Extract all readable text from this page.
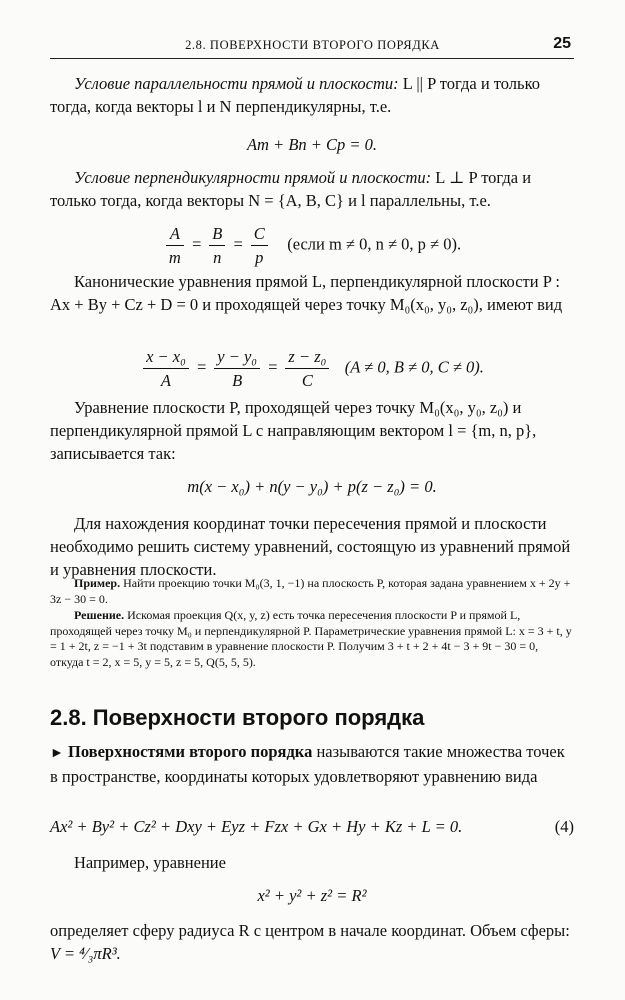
2.8. ПОВЕРХНОСТИ ВТОРОГО ПОРЯДКА	25
Условие параллельности прямой и плоскости: L || P тогда и только тогда, когда векторы l и N перпендикулярны, т.е.
Am + Bn + Cp = 0.
Условие перпендикулярности прямой и плоскости: L ⊥ P тогда и только тогда, когда векторы N = {A, B, C} и l параллельны, т.е.
$\frac{A}{m} = \frac{B}{n} = \frac{C}{p}$ (если m ≠ 0, n ≠ 0, p ≠ 0).
Канонические уравнения прямой L, перпендикулярной плоскости P : Ax + By + Cz + D = 0 и проходящей через точку M₀(x₀, y₀, z₀), имеют вид
$\frac{\text{x − x₀}}{A} = \frac{\text{y − y₀}}{B} = \frac{\text{z − z₀}}{C} (A \ne 0$, B ≠ 0, C ≠ 0).
Уравнение плоскости P, проходящей через точку M₀(x₀, y₀, z₀) и перпендикулярной прямой L с направляющим вектором l = {m, n, p}, записывается так:
m(x − x₀) + n(y − y₀) + p(z − z₀) = 0.
Для нахождения координат точки пересечения прямой и плоскости необходимо решить систему уравнений, состоящую из уравнений прямой и уравнения плоскости.
Пример. Найти проекцию точки M₀(3, 1, −1) на плоскость P, которая задана уравнением x + 2y + 3z − 30 = 0.
Решение. Искомая проекция Q(x, y, z) есть точка пересечения плоскости P и прямой L, проходящей через точку M₀ и перпендикулярной P. Параметрические уравнения прямой L: x = 3 + t, y = 1 + 2t, z = −1 + 3t подставим в уравнение плоскости P. Получим 3 + t + 2 + 4t − 3 + 9t − 30 = 0, откуда t = 2, x = 5, y = 5, z = 5, Q(5, 5, 5).
2.8. Поверхности второго порядка
► Поверхностями второго порядка называются такие множества точек в пространстве, координаты которых удовлетворяют уравнению вида
Ax² + By² + Cz² + Dxy + Eyz + Fzx + Gx + Hy + Kz + L = 0.	(4)
Например, уравнение
x² + y² + z² = R²
определяет сферу радиуса R с центром в начале координат. Объем сферы: V = ⁴⁄₃πR³.
